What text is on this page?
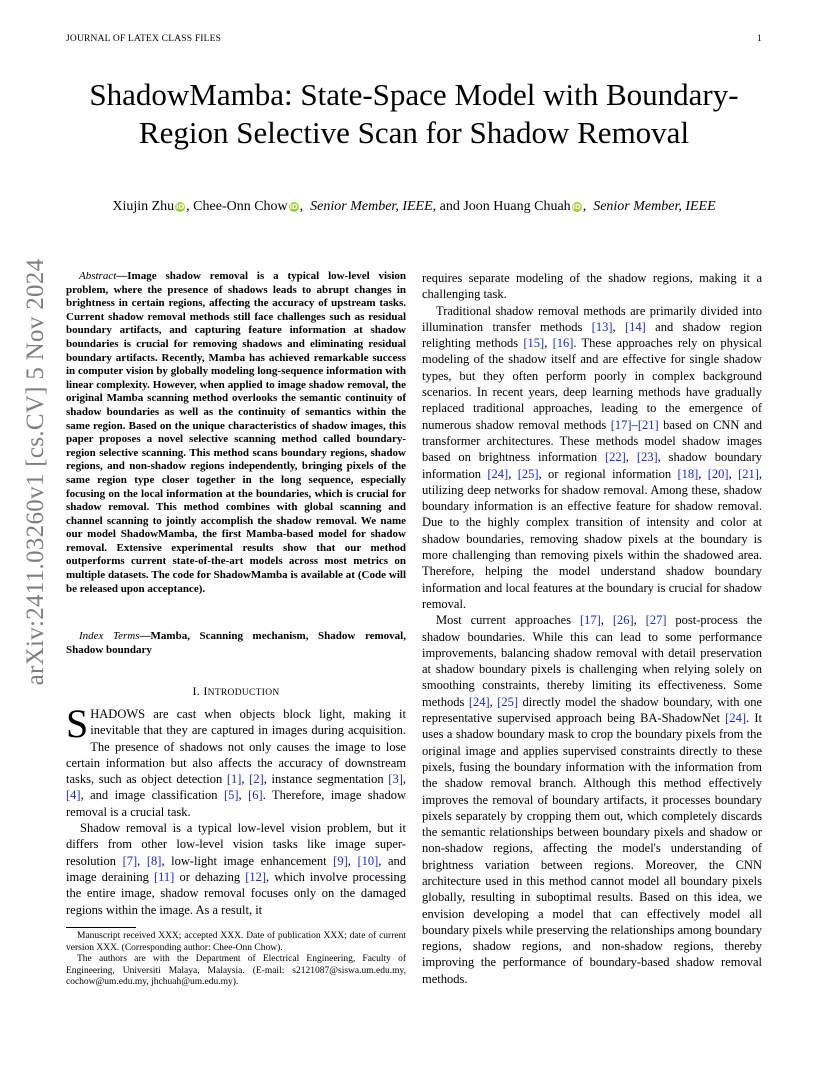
JOURNAL OF LATEX CLASS FILES	1
ShadowMamba: State-Space Model with Boundary-Region Selective Scan for Shadow Removal
Xiujin Zhu iD , Chee-Onn Chow iD ,  Senior Member, IEEE, and Joon Huang Chuah iD ,  Senior Member, IEEE
arXiv:2411.03260v1 [cs.CV] 5 Nov 2024	Abstract—Image shadow removal is a typical low-level vision problem, where the presence of shadows leads to abrupt changes in brightness in certain regions, affecting the accuracy of upstream tasks. Current shadow removal methods still face challenges such as residual boundary artifacts, and capturing feature information at shadow boundaries is crucial for removing shadows and eliminating residual boundary artifacts. Recently, Mamba has achieved remarkable success in computer vision by globally modeling long-sequence information with linear complexity. However, when applied to image shadow removal, the original Mamba scanning method overlooks the semantic continuity of shadow boundaries as well as the continuity of semantics within the same region. Based on the unique characteristics of shadow images, this paper proposes a novel selective scanning method called boundary-region selective scanning. This method scans boundary regions, shadow regions, and non-shadow regions independently, bringing pixels of the same region type closer together in the long sequence, especially focusing on the local information at the boundaries, which is crucial for shadow removal. This method combines with global scanning and channel scanning to jointly accomplish the shadow removal. We name our model ShadowMamba, the first Mamba-based model for shadow removal. Extensive experimental results show that our method outperforms current state-of-the-art models across most metrics on multiple datasets. The code for ShadowMamba is available at (Code will be released upon acceptance).

Index Terms—Mamba, Scanning mechanism, Shadow removal, Shadow boundary
I. INTRODUCTION

SHADOWS are cast when objects block light, making it inevitable that they are captured in images during acquisition. The presence of shadows not only causes the image to lose certain information but also affects the accuracy of downstream tasks, such as object detection [1], [2], instance segmentation [3], [4], and image classification [5], [6]. Therefore, image shadow removal is a crucial task.

Shadow removal is a typical low-level vision problem, but it differs from other low-level vision tasks like image super-resolution [7], [8], low-light image enhancement [9], [10], and image deraining [11] or dehazing [12], which involve processing the entire image, shadow removal focuses only on the damaged regions within the image. As a result, it

Manuscript received XXX; accepted XXX. Date of publication XXX; date of current version XXX. (Corresponding author: Chee-Onn Chow).

The authors are with the Department of Electrical Engineering, Faculty of Engineering, Universiti Malaya, Malaysia. (E-mail: s2121087@siswa.um.edu.my, cochow@um.edu.my, jhchuah@um.edu.my).

requires separate modeling of the shadow regions, making it a challenging task.

Traditional shadow removal methods are primarily divided into illumination transfer methods [13], [14] and shadow region relighting methods [15], [16]. These approaches rely on physical modeling of the shadow itself and are effective for single shadow types, but they often perform poorly in complex background scenarios. In recent years, deep learning methods have gradually replaced traditional approaches, leading to the emergence of numerous shadow removal methods [17]–[21] based on CNN and transformer architectures. These methods model shadow images based on brightness information [22], [23], shadow boundary information [24], [25], or regional information [18], [20], [21], utilizing deep networks for shadow removal. Among these, shadow boundary information is an effective feature for shadow removal. Due to the highly complex transition of intensity and color at shadow boundaries, removing shadow pixels at the boundary is more challenging than removing pixels within the shadowed area. Therefore, helping the model understand shadow boundary information and local features at the boundary is crucial for shadow removal.

Most current approaches [17], [26], [27] post-process the shadow boundaries. While this can lead to some performance improvements, balancing shadow removal with detail preservation at shadow boundary pixels is challenging when relying solely on smoothing constraints, thereby limiting its effectiveness. Some methods [24], [25] directly model the shadow boundary, with one representative supervised approach being BA-ShadowNet [24]. It uses a shadow boundary mask to crop the boundary pixels from the original image and applies supervised constraints directly to these pixels, fusing the boundary information with the information from the shadow removal branch. Although this method effectively improves the removal of boundary artifacts, it processes boundary pixels separately by cropping them out, which completely discards the semantic relationships between boundary pixels and shadow or non-shadow regions, affecting the model's understanding of brightness variation between regions. Moreover, the CNN architecture used in this method cannot model all boundary pixels globally, resulting in suboptimal results. Based on this idea, we envision developing a model that can effectively model all boundary pixels while preserving the relationships among boundary regions, shadow regions, and non-shadow regions, thereby improving the performance of boundary-based shadow removal methods.
